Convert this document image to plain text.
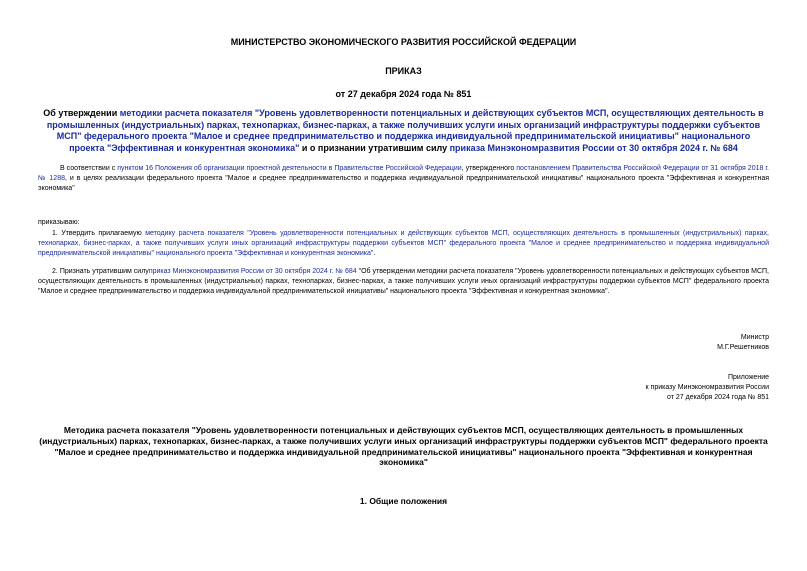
МИНИСТЕРСТВО ЭКОНОМИЧЕСКОГО РАЗВИТИЯ РОССИЙСКОЙ ФЕДЕРАЦИИ
ПРИКАЗ
от 27 декабря 2024 года № 851
Об утверждении методики расчета показателя "Уровень удовлетворенности потенциальных и действующих субъектов МСП, осуществляющих деятельность в промышленных (индустриальных) парках, технопарках, бизнес-парках, а также получивших услуги иных организаций инфраструктуры поддержки субъектов МСП" федерального проекта "Малое и среднее предпринимательство и поддержка индивидуальной предпринимательской инициативы" национального проекта "Эффективная и конкурентная экономика" и о признании утратившим силу приказа Минэкономразвития России от 30 октября 2024 г. № 684
В соответствии с пунктом 16 Положения об организации проектной деятельности в Правительстве Российской Федерации, утвержденного постановлением Правительства Российской Федерации от 31 октября 2018 г. № 1288, и в целях реализации федерального проекта "Малое и среднее предпринимательство и поддержка индивидуальной предпринимательской инициативы" национального проекта "Эффективная и конкурентная экономика"
приказываю:
1. Утвердить прилагаемую методику расчета показателя "Уровень удовлетворенности потенциальных и действующих субъектов МСП, осуществляющих деятельность в промышленных (индустриальных) парках, технопарках, бизнес-парках, а также получивших услуги иных организаций инфраструктуры поддержки субъектов МСП" федерального проекта "Малое и среднее предпринимательство и поддержка индивидуальной предпринимательской инициативы" национального проекта "Эффективная и конкурентная экономика".
2. Признать утратившим силуприказ Минэкономразвития России от 30 октября 2024 г. № 684 "Об утверждении методики расчета показателя "Уровень удовлетворенности потенциальных и действующих субъектов МСП, осуществляющих деятельность в промышленных (индустриальных) парках, технопарках, бизнес-парках, а также получивших услуги иных организаций инфраструктуры поддержки субъектов МСП" федерального проекта "Малое и среднее предпринимательство и поддержка индивидуальной предпринимательской инициативы" национального проекта "Эффективная и конкурентная экономика".
Министр
М.Г.Решетников
Приложение
к приказу Минэкономразвития России
от 27 декабря 2024 года № 851
Методика расчета показателя "Уровень удовлетворенности потенциальных и действующих субъектов МСП, осуществляющих деятельность в промышленных (индустриальных) парках, технопарках, бизнес-парках, а также получивших услуги иных организаций инфраструктуры поддержки субъектов МСП" федерального проекта "Малое и среднее предпринимательство и поддержка индивидуальной предпринимательской инициативы" национального проекта "Эффективная и конкурентная экономика"
1. Общие положения
